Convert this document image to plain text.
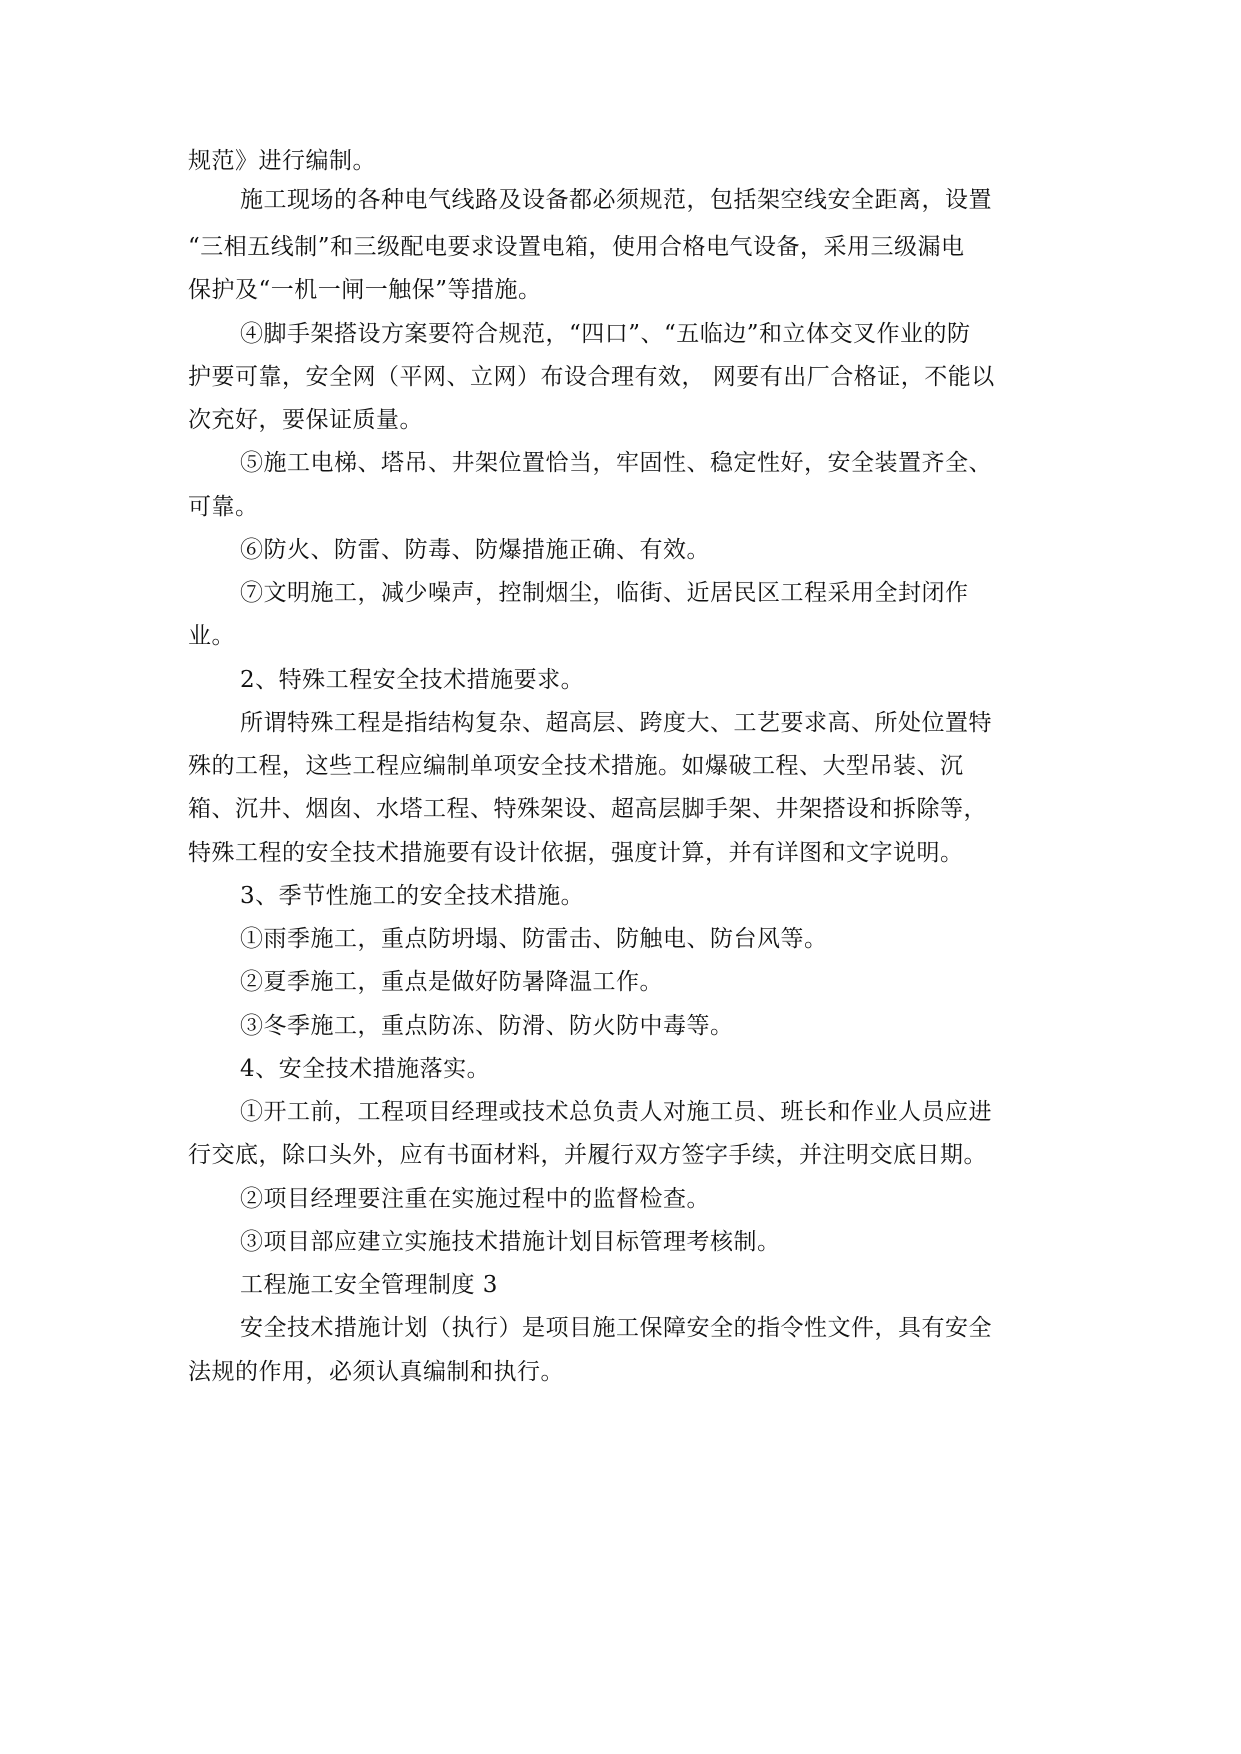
规范》进行编制。
施工现场的各种电气线路及设备都必须规范，包括架空线安全距离，设置
“三相五线制”和三级配电要求设置电箱，使用合格电气设备，采用三级漏电
保护及“一机一闸一触保”等措施。
④脚手架搭设方案要符合规范，“四口”、“五临边”和立体交叉作业的防
护要可靠，安全网（平网、立网）布设合理有效， 网要有出厂合格证，不能以
次充好，要保证质量。
⑤施工电梯、塔吊、井架位置恰当，牢固性、稳定性好，安全装置齐全、
可靠。
⑥防火、防雷、防毒、防爆措施正确、有效。
⑦文明施工，减少噪声，控制烟尘，临街、近居民区工程采用全封闭作
业。
2、特殊工程安全技术措施要求。
所谓特殊工程是指结构复杂、超高层、跨度大、工艺要求高、所处位置特
殊的工程，这些工程应编制单项安全技术措施。如爆破工程、大型吊装、沉
箱、沉井、烟囱、水塔工程、特殊架设、超高层脚手架、井架搭设和拆除等，
特殊工程的安全技术措施要有设计依据，强度计算，并有详图和文字说明。
3、季节性施工的安全技术措施。
①雨季施工，重点防坍塌、防雷击、防触电、防台风等。
②夏季施工，重点是做好防暑降温工作。
③冬季施工，重点防冻、防滑、防火防中毒等。
4、安全技术措施落实。
①开工前，工程项目经理或技术总负责人对施工员、班长和作业人员应进
行交底，除口头外，应有书面材料，并履行双方签字手续，并注明交底日期。
②项目经理要注重在实施过程中的监督检查。
③项目部应建立实施技术措施计划目标管理考核制。
工程施工安全管理制度 3
安全技术措施计划（执行）是项目施工保障安全的指令性文件，具有安全
法规的作用，必须认真编制和执行。
